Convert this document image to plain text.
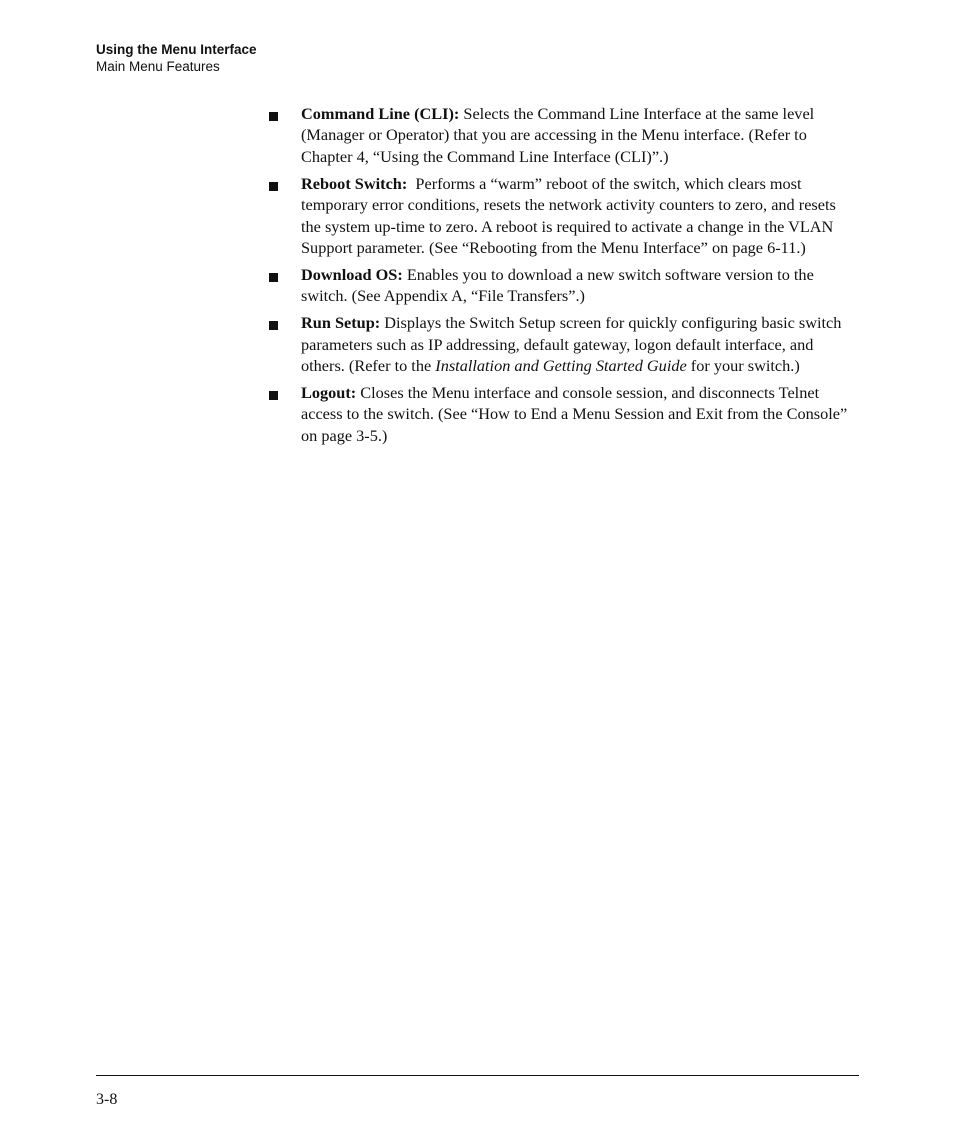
Using the Menu Interface
Main Menu Features
Command Line (CLI): Selects the Command Line Interface at the same level (Manager or Operator) that you are accessing in the Menu interface. (Refer to Chapter 4, “Using the Command Line Interface (CLI)”.)
Reboot Switch:  Performs a “warm” reboot of the switch, which clears most temporary error conditions, resets the network activity counters to zero, and resets the system up-time to zero. A reboot is required to activate a change in the VLAN Support parameter. (See “Rebooting from the Menu Interface” on page 6-11.)
Download OS: Enables you to download a new switch software version to the switch. (See Appendix A, “File Transfers”.)
Run Setup: Displays the Switch Setup screen for quickly configuring basic switch parameters such as IP addressing, default gateway, logon default interface, and others. (Refer to the Installation and Getting Started Guide for your switch.)
Logout: Closes the Menu interface and console session, and disconnects Telnet access to the switch. (See “How to End a Menu Session and Exit from the Console” on page 3-5.)
3-8
